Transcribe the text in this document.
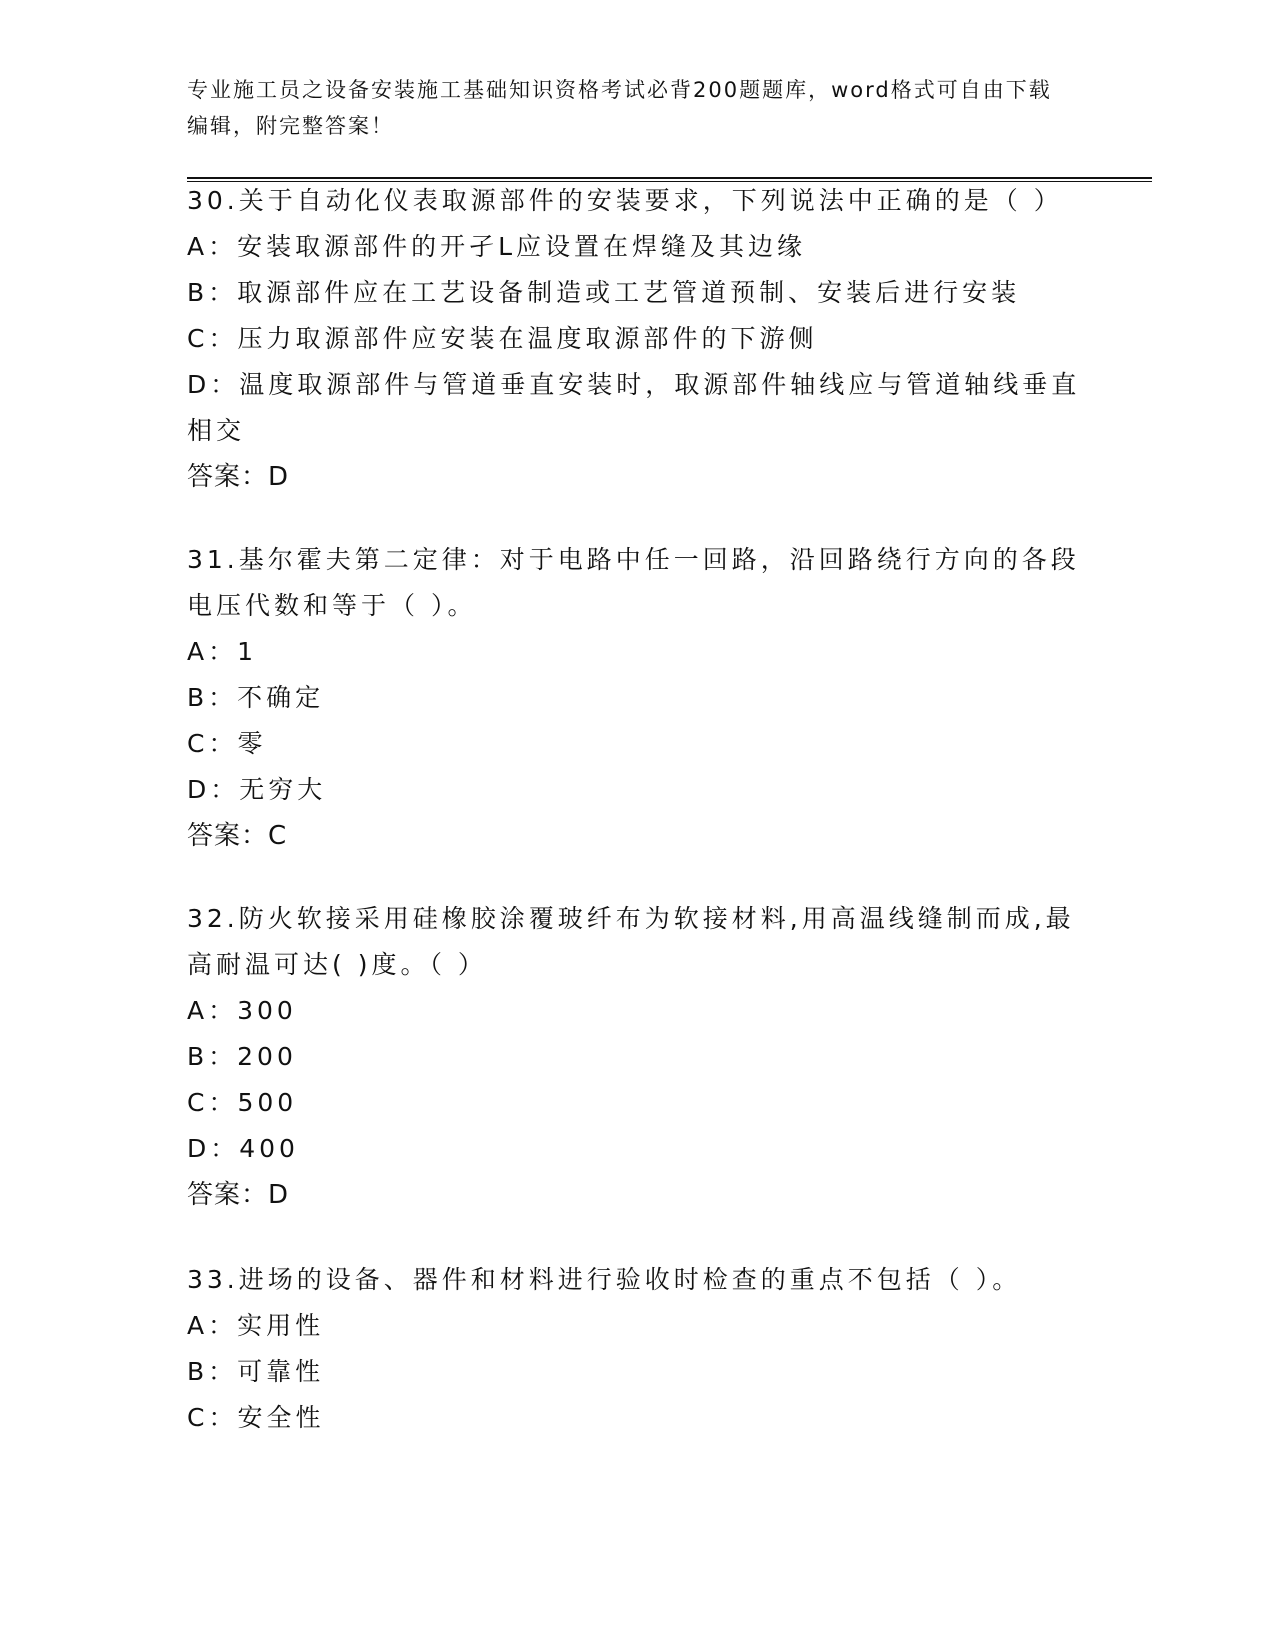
专业施工员之设备安装施工基础知识资格考试必背200题题库，word格式可自由下载编辑，附完整答案！
30.关于自动化仪表取源部件的安装要求，下列说法中正确的是（ ）
A：安装取源部件的开孑L应设置在焊缝及其边缘
B：取源部件应在工艺设备制造或工艺管道预制、安装后进行安装
C：压力取源部件应安装在温度取源部件的下游侧
D：温度取源部件与管道垂直安装时，取源部件轴线应与管道轴线垂直
相交
答案：D
31.基尔霍夫第二定律：对于电路中任一回路，沿回路绕行方向的各段
电压代数和等于（ ）。
A：1
B：不确定
C：零
D：无穷大
答案：C
32.防火软接采用硅橡胶涂覆玻纤布为软接材料,用高温线缝制而成,最
高耐温可达( )度。（ ）
A：300
B：200
C：500
D：400
答案：D
33.进场的设备、器件和材料进行验收时检查的重点不包括（ ）。
A：实用性
B：可靠性
C：安全性
